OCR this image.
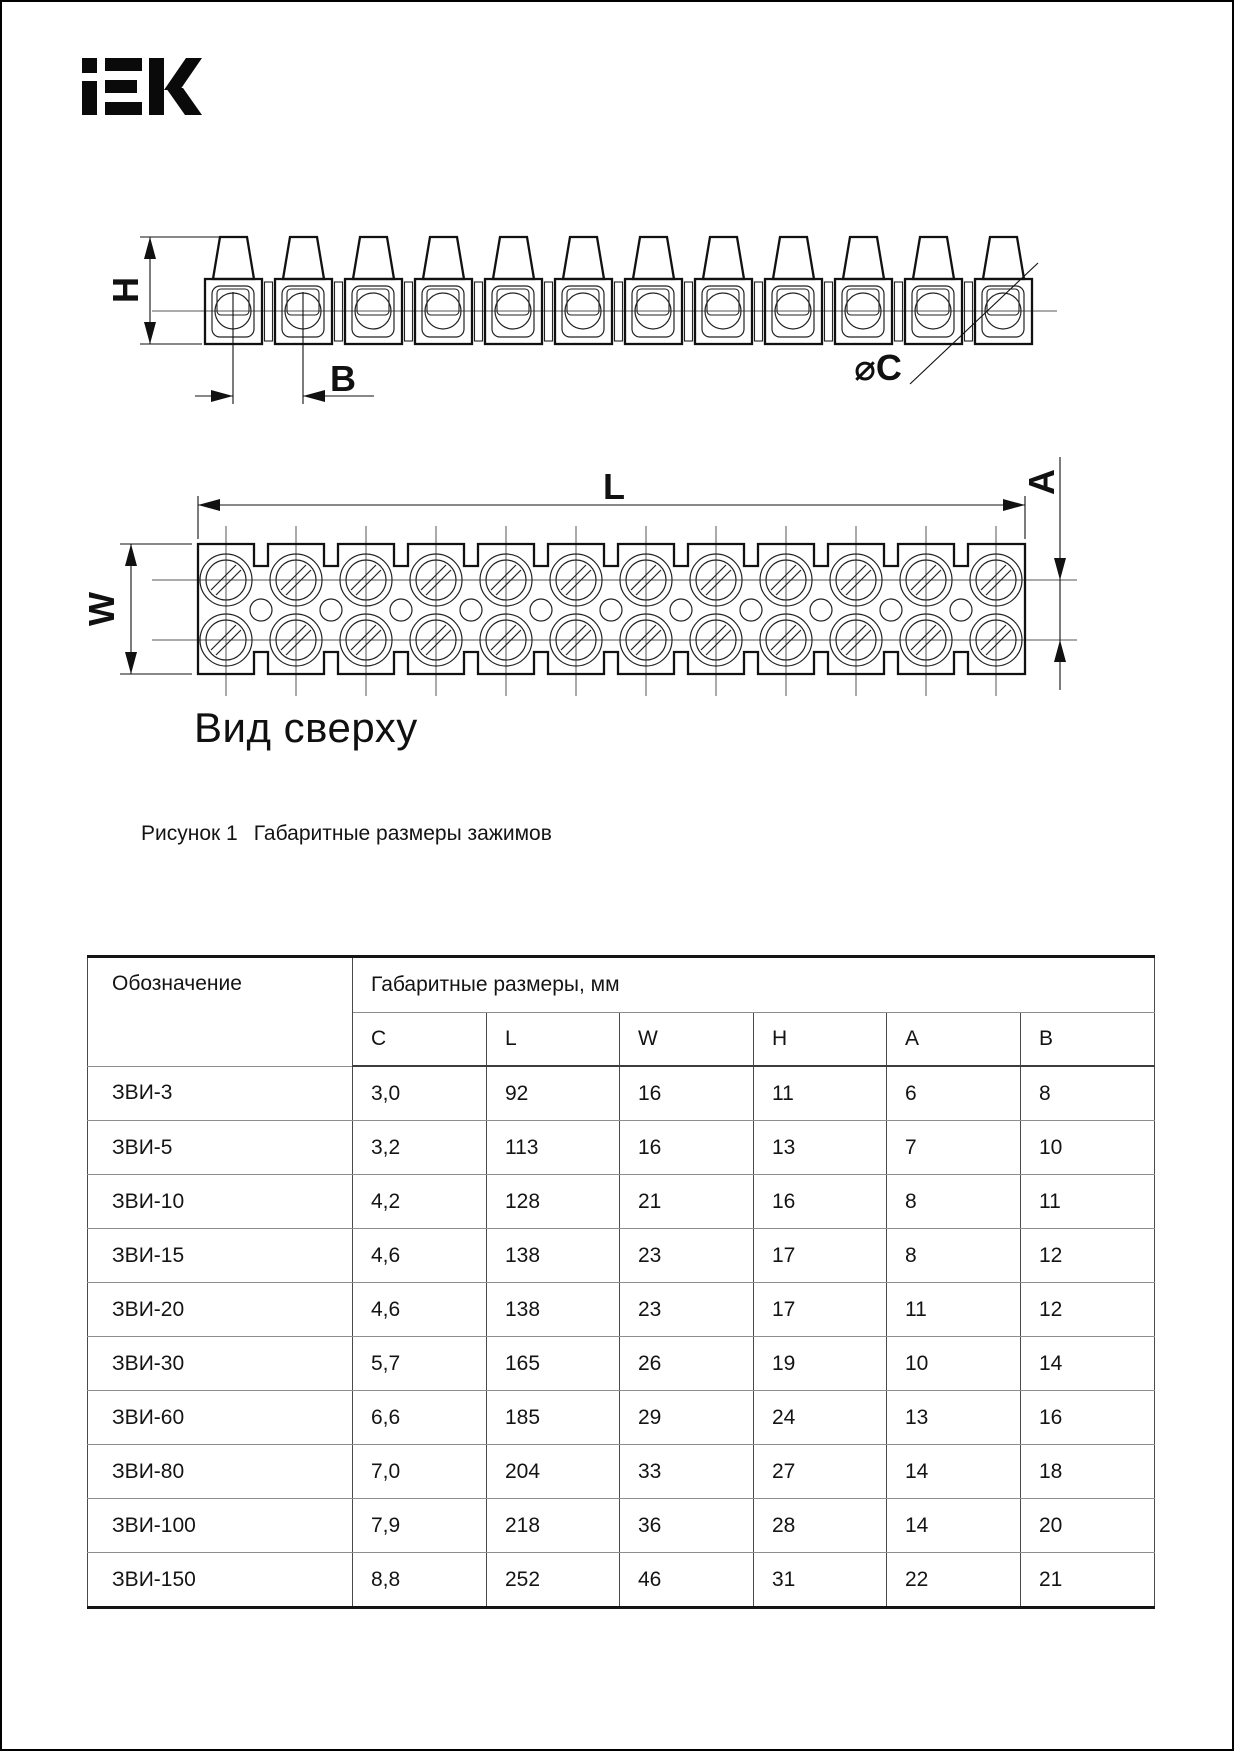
H
B	⌀C
L
W
A
Вид сверху
Рисунок 1 Габаритные размеры зажимов
Обозначение	Габаритные размеры, мм					
	C	L	W	H	A	B
ЗВИ-3	3,0	92	16	11	6	8
ЗВИ-5	3,2	113	16	13	7	10
ЗВИ-10	4,2	128	21	16	8	11
ЗВИ-15	4,6	138	23	17	8	12
ЗВИ-20	4,6	138	23	17	11	12
ЗВИ-30	5,7	165	26	19	10	14
ЗВИ-60	6,6	185	29	24	13	16
ЗВИ-80	7,0	204	33	27	14	18
ЗВИ-100	7,9	218	36	28	14	20
ЗВИ-150	8,8	252	46	31	22	21
